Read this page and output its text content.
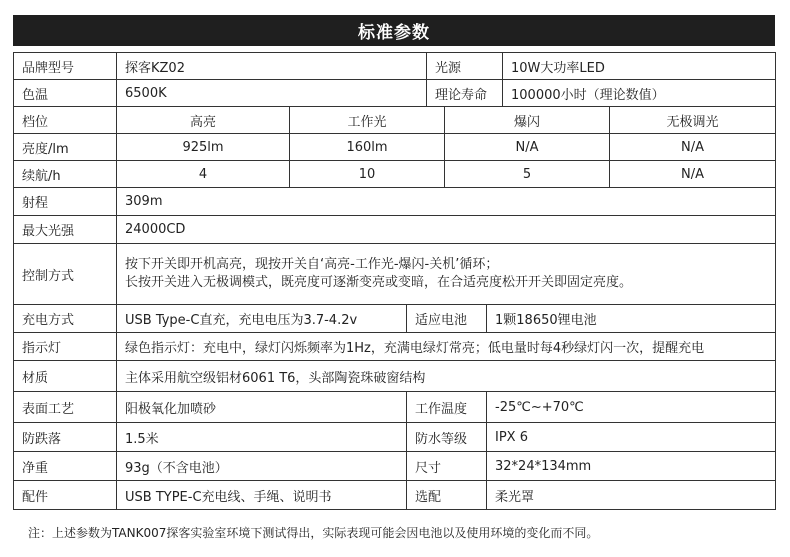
标准参数
品牌型号	探客KZ02	光源	10W大功率LED
色温	6500K	理论寿命	100000小时（理论数值）
档位	高亮	工作光	爆闪	无极调光
亮度/lm	925lm	160lm	N/A	N/A
续航/h	4	10	5	N/A
射程	309m		
最大光强	24000CD		
控制方式	按下开关即开机高亮，现按开关自‘高亮-工作光-爆闪-关机’循环；
长按开关进入无极调模式，既亮度可逐渐变亮或变暗，在合适亮度松开开关即固定亮度。		

充电方式	USB Type-C直充，充电电压为3.7-4.2v	适应电池	1颗18650锂电池
指示灯	绿色指示灯：充电中，绿灯闪烁频率为1Hz，充满电绿灯常亮；低电量时每4秒绿灯闪一次，提醒充电		
材质	主体采用航空级铝材6061 T6，头部陶瓷珠破窗结构		
表面工艺	阳极氧化加喷砂	工作温度	-25℃~+70℃
防跌落	1.5米	防水等级	IPX 6
净重	93g（不含电池）	尺寸	32*24*134mm
配件	USB TYPE-C充电线、手绳、说明书	选配	柔光罩
注：上述参数为TANK007探客实验室环境下测试得出，实际表现可能会因电池以及使用环境的变化而不同。
